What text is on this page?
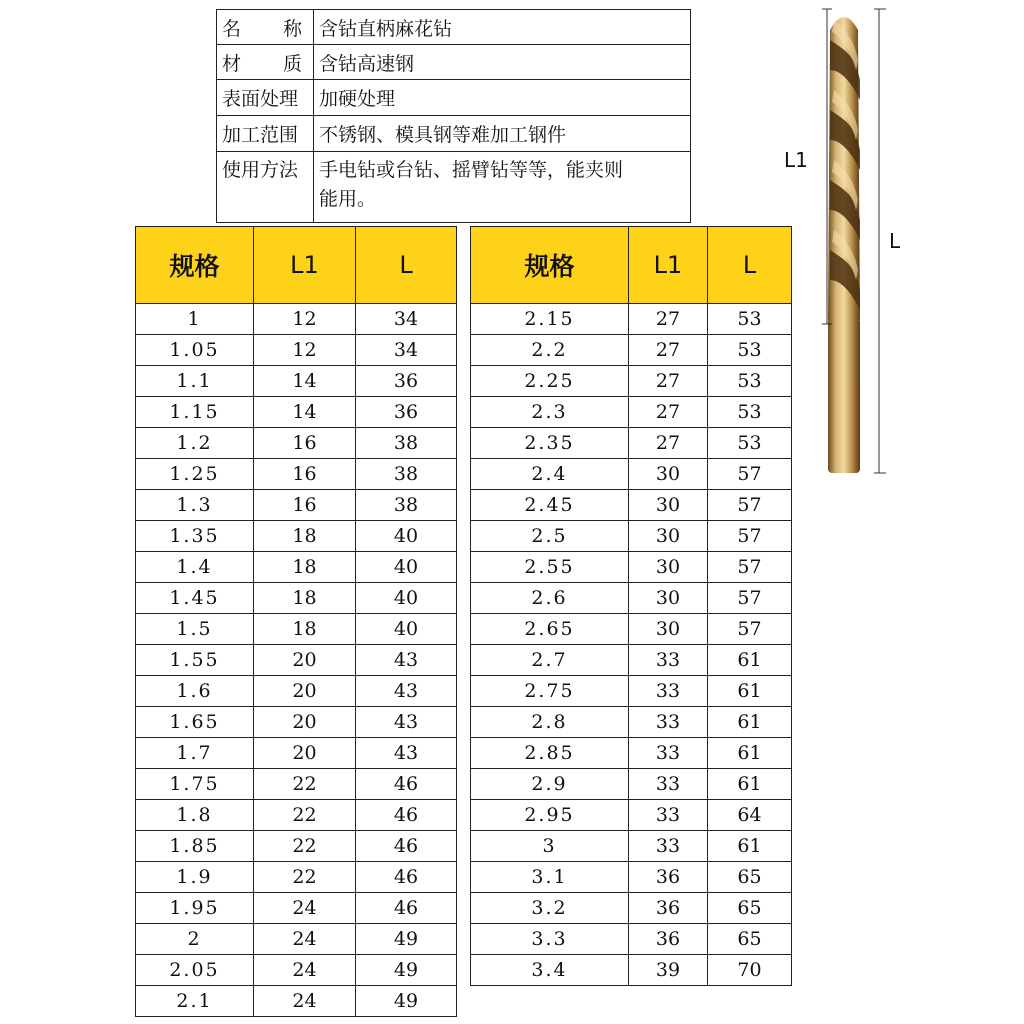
名 称	含钴直柄麻花钻

材 质	含钴高速钢
表面处理	加硬处理
加工范围	不锈钢、模具钢等难加工钢件
使用方法	手电钻或台钻、摇臂钻等等，能夹则
能用。
规格	L1	L
1	12	34
1.05	12	34
1.1	14	36
1.15	14	36
1.2	16	38
1.25	16	38
1.3	16	38
1.35	18	40
1.4	18	40
1.45	18	40
1.5	18	40
1.55	20	43
1.6	20	43
1.65	20	43
1.7	20	43
1.75	22	46
1.8	22	46
1.85	22	46
1.9	22	46
1.95	24	46
2	24	49
2.05	24	49
2.1	24	49
规格	L1	L
2.15	27	53
2.2	27	53
2.25	27	53
2.3	27	53
2.35	27	53
2.4	30	57
2.45	30	57
2.5	30	57
2.55	30	57
2.6	30	57
2.65	30	57
2.7	33	61
2.75	33	61
2.8	33	61
2.85	33	61
2.9	33	61
2.95	33	64
3	33	61
3.1	36	65
3.2	36	65
3.3	36	65
3.4	39	70
L1
L
